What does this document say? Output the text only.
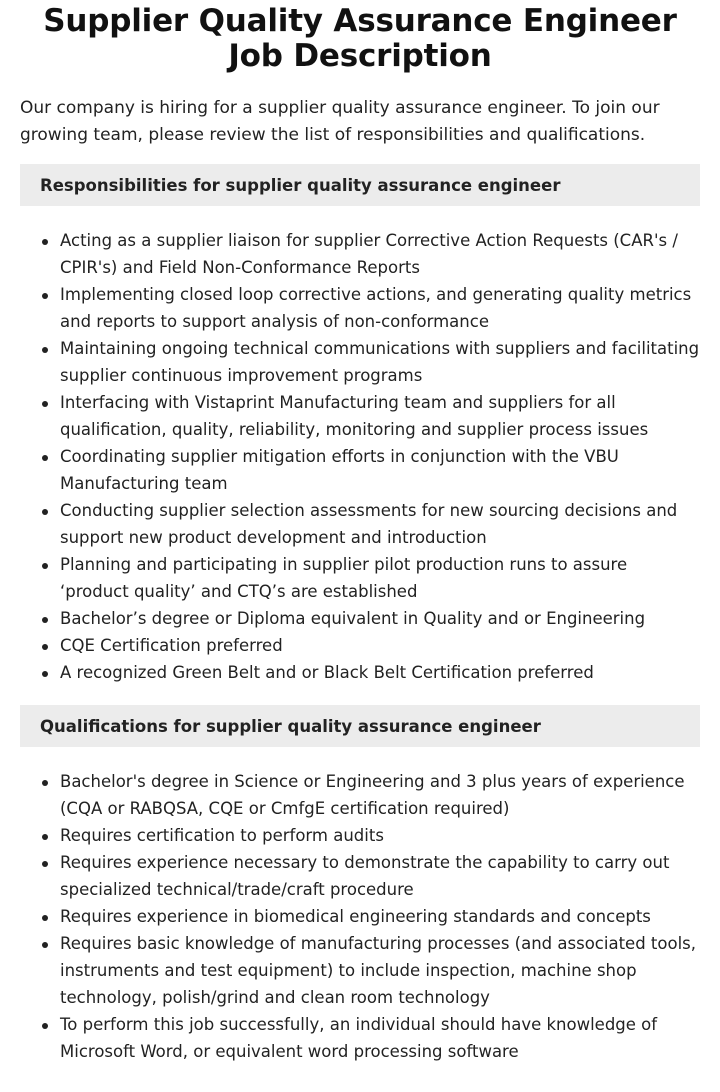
Supplier Quality Assurance Engineer Job Description

Our company is hiring for a supplier quality assurance engineer. To join our growing team, please review the list of responsibilities and qualifications.

Responsibilities for supplier quality assurance engineer
Acting as a supplier liaison for supplier Corrective Action Requests (CAR's / CPIR's) and Field Non-Conformance Reports
Implementing closed loop corrective actions, and generating quality metrics and reports to support analysis of non-conformance
Maintaining ongoing technical communications with suppliers and facilitating supplier continuous improvement programs
Interfacing with Vistaprint Manufacturing team and suppliers for all qualification, quality, reliability, monitoring and supplier process issues
Coordinating supplier mitigation efforts in conjunction with the VBU Manufacturing team
Conducting supplier selection assessments for new sourcing decisions and support new product development and introduction
Planning and participating in supplier pilot production runs to assure ‘product quality’ and CTQ’s are established
Bachelor’s degree or Diploma equivalent in Quality and or Engineering
CQE Certification preferred
A recognized Green Belt and or Black Belt Certification preferred
Qualifications for supplier quality assurance engineer
Bachelor's degree in Science or Engineering and 3 plus years of experience (CQA or RABQSA, CQE or CmfgE certification required)
Requires certification to perform audits
Requires experience necessary to demonstrate the capability to carry out specialized technical/trade/craft procedure
Requires experience in biomedical engineering standards and concepts
Requires basic knowledge of manufacturing processes (and associated tools, instruments and test equipment) to include inspection, machine shop technology, polish/grind and clean room technology
To perform this job successfully, an individual should have knowledge of Microsoft Word, or equivalent word processing software
